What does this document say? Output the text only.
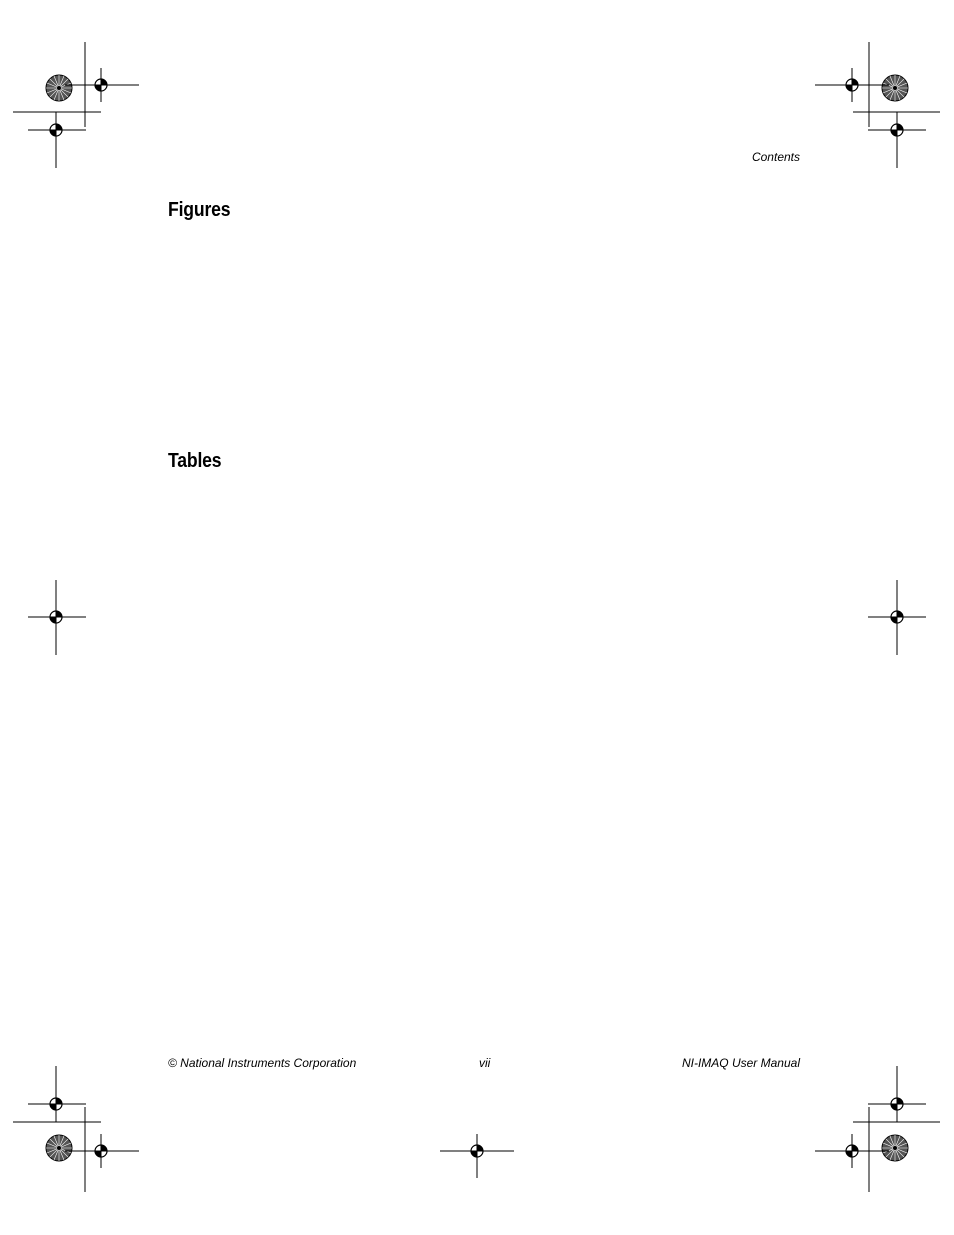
Contents
Figures
Tables
© National Instruments Corporation	vii	NI-IMAQ User Manual
